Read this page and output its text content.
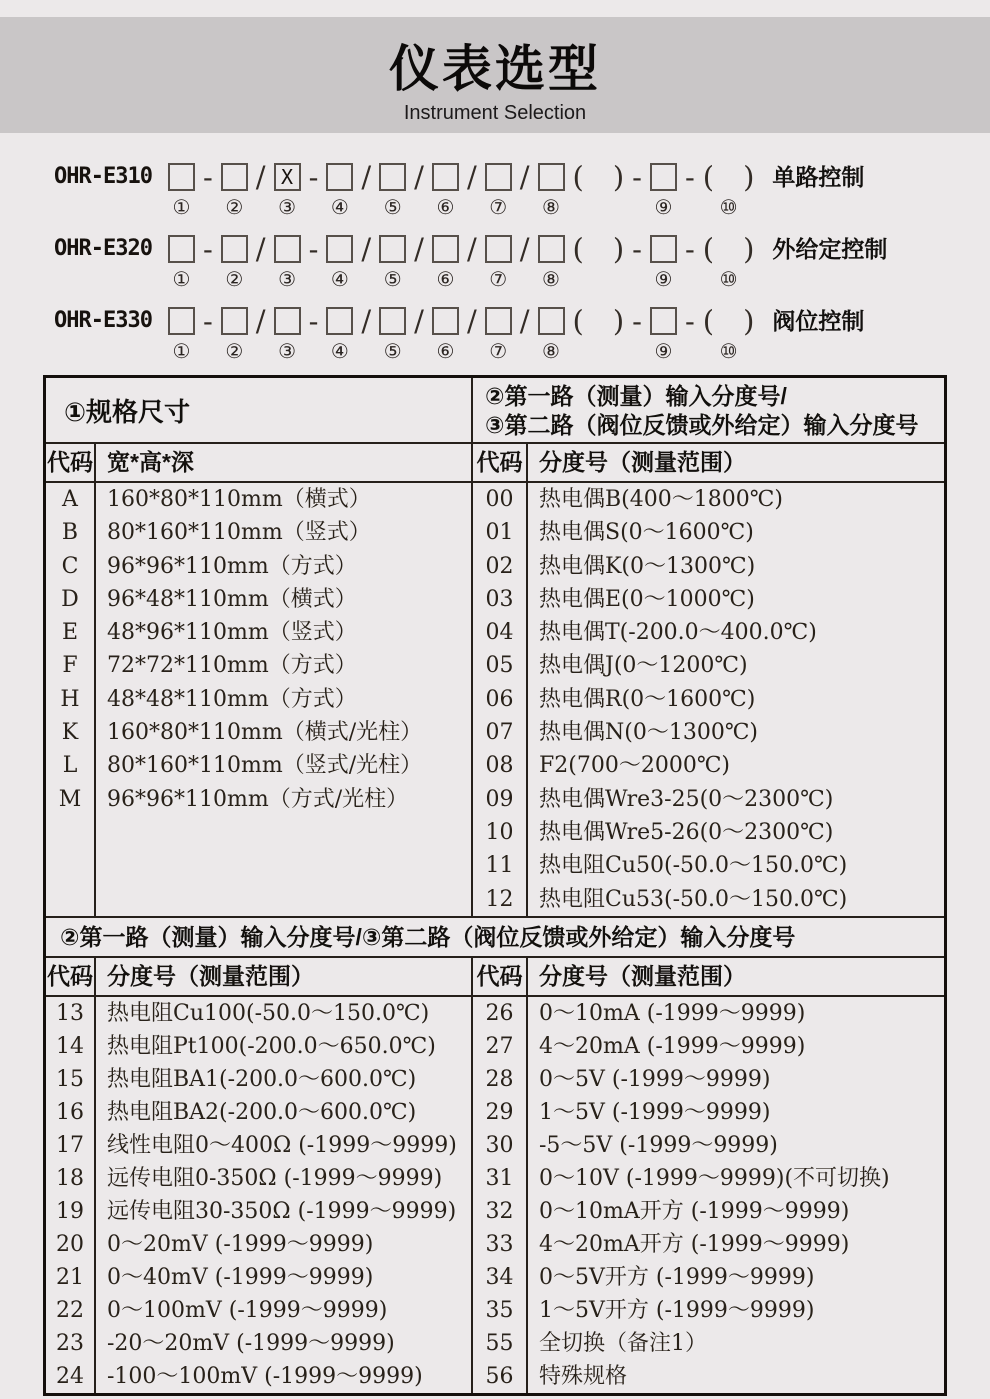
仪表选型
Instrument Selection
OHR-E310
①
-
②
/ X
③
-
④
/
⑤
/
⑥
/
⑦
/
⑧
(　) -
⑨
- (　)
⑩
单路控制
OHR-E320
①
-
②
/
③
-
④
/
⑤
/
⑥
/
⑦
/
⑧
(　) -
⑨
- (　)
⑩
外给定控制
OHR-E330
①
-
②
/
③
-
④
/
⑤
/
⑥
/
⑦
/
⑧
(　) -
⑨
- (　)
⑩
阀位控制
①规格尺寸
②第一路（测量）输入分度号/
③第二路（阀位反馈或外给定）输入分度号
代码 宽*高*深	代码 分度号（测量范围）
A
B
C
D
E
F
H
K
L
M
160*80*110mm（横式）
80*160*110mm（竖式）
96*96*110mm（方式）
96*48*110mm（横式）
48*96*110mm（竖式）
72*72*110mm（方式）
48*48*110mm（方式）
160*80*110mm（横式/光柱）
80*160*110mm（竖式/光柱）
96*96*110mm（方式/光柱）
00
01
02
03
04
05
06
07
08
09
10
11
12
热电偶B(400～1800℃)
热电偶S(0～1600℃)
热电偶K(0～1300℃)
热电偶E(0～1000℃)
热电偶T(-200.0～400.0℃)
热电偶J(0～1200℃)
热电偶R(0～1600℃)
热电偶N(0～1300℃)
F2(700～2000℃)
热电偶Wre3-25(0～2300℃)
热电偶Wre5-26(0～2300℃)
热电阻Cu50(-50.0～150.0℃)
热电阻Cu53(-50.0～150.0℃)
②第一路（测量）输入分度号/③第二路（阀位反馈或外给定）输入分度号
代码 分度号（测量范围）	代码 分度号（测量范围）
13
14
15
16
17
18
19
20
21
22
23
24
热电阻Cu100(-50.0～150.0℃)
热电阻Pt100(-200.0～650.0℃)
热电阻BA1(-200.0～600.0℃)
热电阻BA2(-200.0～600.0℃)
线性电阻0～400Ω (-1999～9999)
远传电阻0-350Ω (-1999～9999)
远传电阻30-350Ω (-1999～9999)
0～20mV (-1999～9999)
0～40mV (-1999～9999)
0～100mV (-1999～9999)
-20～20mV (-1999～9999)
-100～100mV (-1999～9999)
26
27
28
29
30
31
32
33
34
35
55
56
0～10mA (-1999～9999)
4～20mA (-1999～9999)
0～5V (-1999～9999)
1～5V (-1999～9999)
-5～5V (-1999～9999)
0～10V (-1999～9999)(不可切换)
0～10mA开方 (-1999～9999)
4～20mA开方 (-1999～9999)
0～5V开方 (-1999～9999)
1～5V开方 (-1999～9999)
全切换（备注1）
特殊规格
